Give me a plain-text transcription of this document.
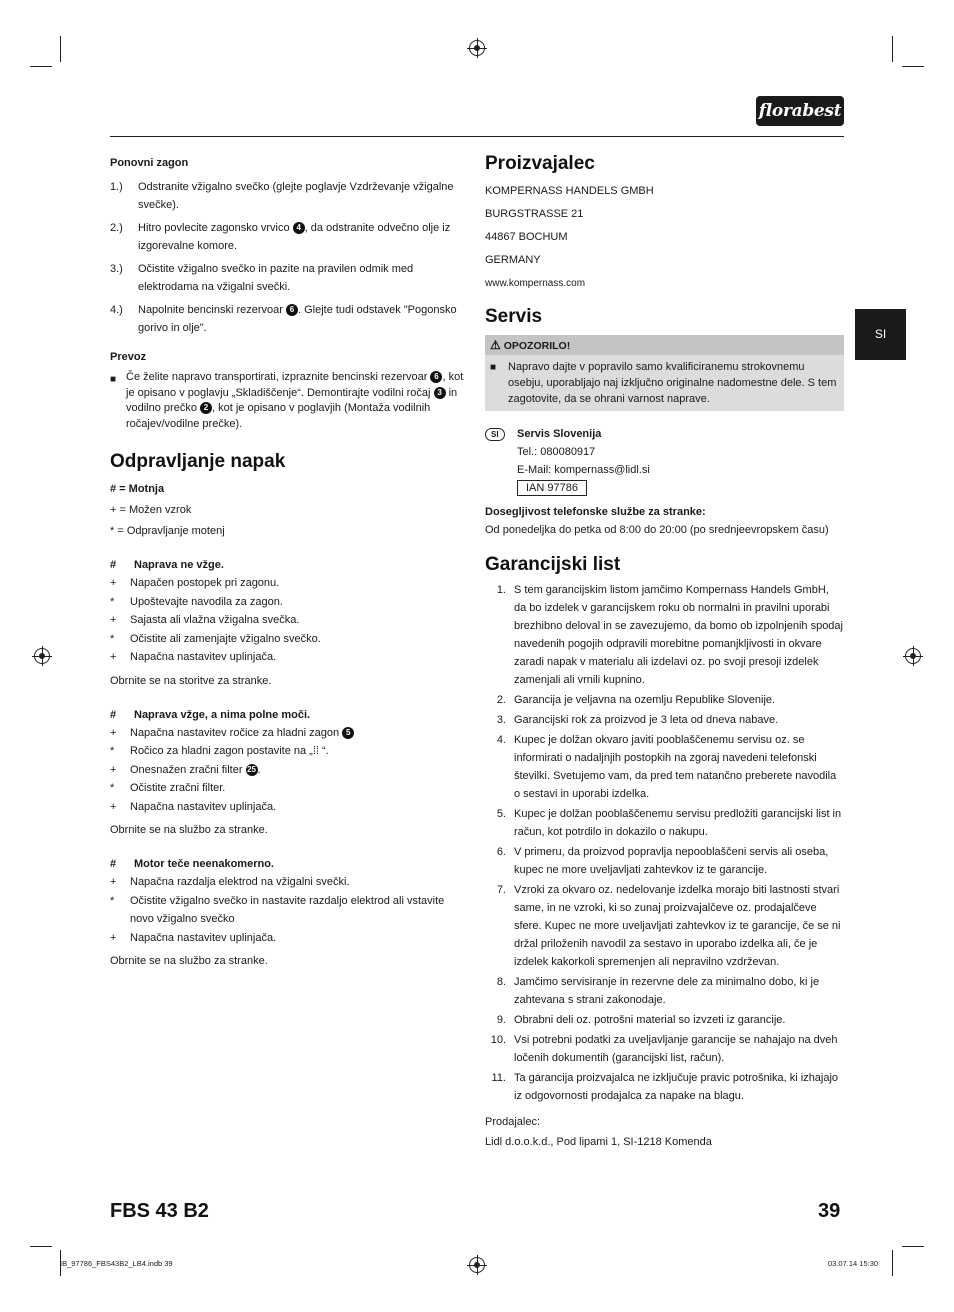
florabest
SI

Ponovni zagon

1.)	Odstranite vžigalno svečko (glejte poglavje Vzdrževanje vžigalne svečke).
2.)	Hitro povlecite zagonsko vrvico 4 , da odstranite odvečno olje iz izgorevalne komore.
3.)	Očistite vžigalno svečko in pazite na pravilen odmik med elektrodama na vžigalni svečki.
4.)	Napolnite bencinski rezervoar 6 . Glejte tudi odstavek "Pogonsko gorivo in olje".

Prevoz

■
Če želite napravo transportirati, izpraznite bencinski rezervoar 6 , kot je opisano v poglavju „Skladiščenje“. Demontirajte vodilni ročaj 3 in vodilno prečko 2 , kot je opisano v poglavjih (Montaža vodilnih ročajev/vodilne prečke).
Odpravljanje napak
# = Motnja
+ = Možen vzrok
* = Odpravljanje motenj
#	Naprava ne vžge.
+	Napačen postopek pri zagonu.
*	Upoštevajte navodila za zagon.
+	Sajasta ali vlažna vžigalna svečka.
*	Očistite ali zamenjajte vžigalno svečko.
+	Napačna nastavitev uplinjača.

Obrnite se na storitve za stranke.

#	Naprava vžge, a nima polne moči.
+	Napačna nastavitev ročice za hladni zagon 5
*	Ročico za hladni zagon postavite na „⁞⁞ “.
+	Onesnažen zračni filter 25 .
*	Očistite zračni filter.
+	Napačna nastavitev uplinjača.

Obrnite se na službo za stranke.

#	Motor teče neenakomerno.
+	Napačna razdalja elektrod na vžigalni svečki.
*	Očistite vžigalno svečko in nastavite razdaljo elektrod ali vstavite novo vžigalno svečko
+	Napačna nastavitev uplinjača.

Obrnite se na službo za stranke.

Proizvajalec

KOMPERNASS HANDELS GMBH

BURGSTRASSE 21

44867 BOCHUM

GERMANY

www.kompernass.com

Servis
⚠ OPOZORILO!
■
Napravo dajte v popravilo samo kvalificiranemu strokovnemu osebju, uporabljajo naj izključno originalne nadomestne dele. S tem zagotovite, da se ohrani varnost naprave.
SI	Servis Slovenija

Tel.: 080080917

E-Mail: kompernass@lidl.si

IAN 97786

Dosegljivost telefonske službe za stranke:

Od ponedeljka do petka od 8:00 do 20:00 (po srednjeevropskem času)

Garancijski list
1. S tem garancijskim listom jamčimo Kompernass Handels GmbH, da bo izdelek v garancijskem roku ob normalni in pravilni uporabi brezhibno deloval in se zavezujemo, da bomo ob izpolnjenih spodaj navedenih pogojih odpravili morebitne pomanjkljivosti in okvare zaradi napak v materialu ali izdelavi oz. po svoji presoji izdelek zamenjali ali vrnili kupnino.
2. Garancija je veljavna na ozemlju Republike Slovenije.
3. Garancijski rok za proizvod je 3 leta od dneva nabave.
4. Kupec je dolžan okvaro javiti pooblaščenemu servisu oz. se informirati o nadaljnjih postopkih na zgoraj navedeni telefonski številki. Svetujemo vam, da pred tem natančno preberete navodila o sestavi in uporabi izdelka.
5. Kupec je dolžan pooblaščenemu servisu predložiti garancijski list in račun, kot potrdilo in dokazilo o nakupu.
6. V primeru, da proizvod popravlja nepooblaščeni servis ali oseba, kupec ne more uveljavljati zahtevkov iz te garancije.
7. Vzroki za okvaro oz. nedelovanje izdelka morajo biti lastnosti stvari same, in ne vzroki, ki so zunaj proizvajalčeve oz. prodajalčeve sfere. Kupec ne more uveljavljati zahtevkov iz te garancije, če se ni držal priloženih navodil za sestavo in uporabo izdelka ali, če je izdelek kakorkoli spremenjen ali nepravilno vzdrževan.
8. Jamčimo servisiranje in rezervne dele za minimalno dobo, ki je zahtevana s strani zakonodaje.
9. Obrabni deli oz. potrošni material so izvzeti iz garancije.
10. Vsi potrebni podatki za uveljavljanje garancije se nahajajo na dveh ločenih dokumentih (garancijski list, račun).
11. Ta garancija proizvajalca ne izključuje pravic potrošnika, ki izhajajo iz odgovornosti prodajalca za napake na blagu.

Prodajalec:

Lidl d.o.o.k.d., Pod lipami 1, SI-1218 Komenda

FBS 43 B2	39
IB_97786_FBS43B2_LB4.indb 39	03.07.14 15:30
